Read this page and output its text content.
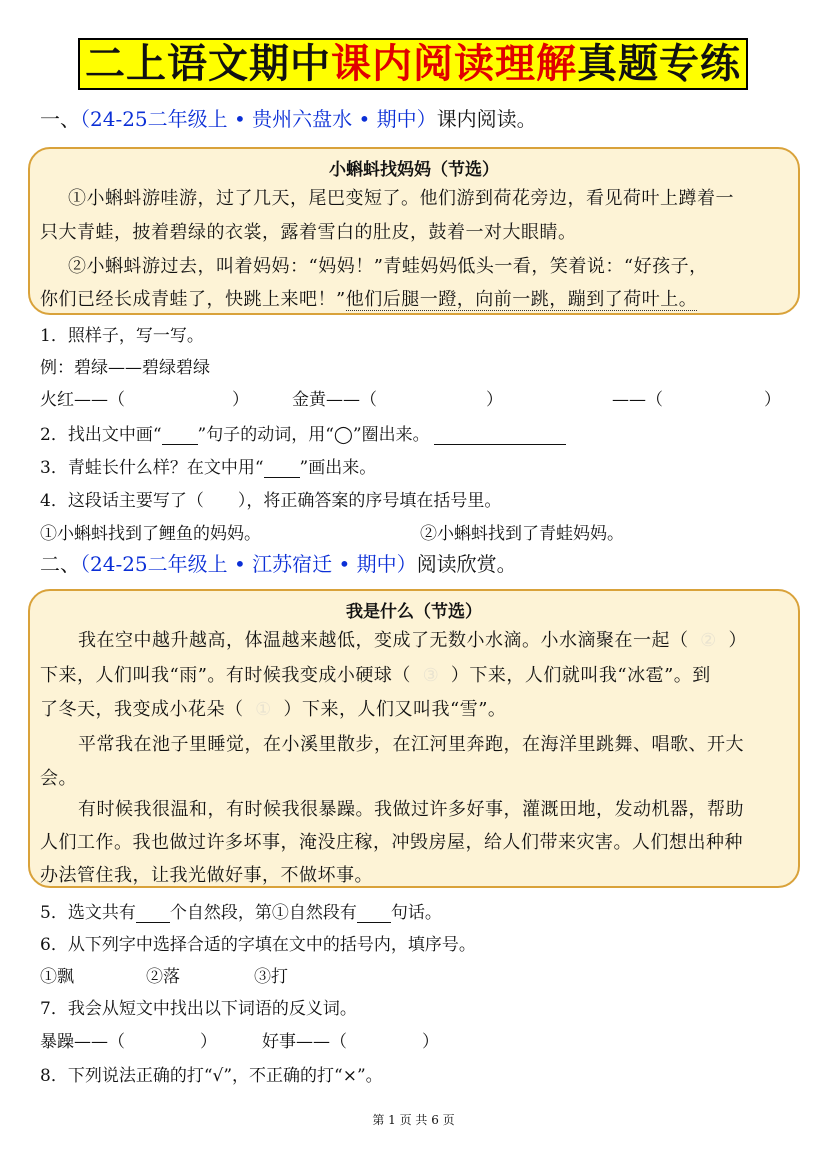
二上语文期中 课内阅读理解 真题专练
一、（24-25二年级上 • 贵州六盘水 • 期中）课内阅读。
小蝌蚪找妈妈（节选）
①小蝌蚪游哇游，过了几天，尾巴变短了。他们游到荷花旁边，看见荷叶上蹲着一
只大青蛙，披着碧绿的衣裳，露着雪白的肚皮，鼓着一对大眼睛。
②小蝌蚪游过去，叫着妈妈：“妈妈！”青蛙妈妈低头一看，笑着说：“好孩子，
你们已经长成青蛙了，快跳上来吧！”他们后腿一蹬，向前一跳，蹦到了荷叶上。
1．照样子，写一写。
例：碧绿——碧绿碧绿
火红——（	）	金黄——（	）	——（	）
2．找出文中画“ ”句子的动词，用“◯”圈出来。
3．青蛙长什么样？在文中用“ ”画出来。
4．这段话主要写了（　　），将正确答案的序号填在括号里。
①小蝌蚪找到了鲤鱼的妈妈。	②小蝌蚪找到了青蛙妈妈。
二、（24-25二年级上 • 江苏宿迁 • 期中）阅读欣赏。
我是什么（节选）
我在空中越升越高，体温越来越低，变成了无数小水滴。小水滴聚在一起（ ② ）
下来，人们叫我“雨”。有时候我变成小硬球（ ③ ）下来，人们就叫我“冰雹”。到
了冬天，我变成小花朵（ ① ）下来，人们又叫我“雪”。
平常我在池子里睡觉，在小溪里散步，在江河里奔跑，在海洋里跳舞、唱歌、开大
会。
有时候我很温和，有时候我很暴躁。我做过许多好事，灌溉田地，发动机器，帮助
人们工作。我也做过许多坏事，淹没庄稼，冲毁房屋，给人们带来灾害。人们想出种种
办法管住我，让我光做好事，不做坏事。
5．选文共有 个自然段，第①自然段有 句话。
6．从下列字中选择合适的字填在文中的括号内，填序号。
①飘	②落	③打
7．我会从短文中找出以下词语的反义词。
暴躁——（	）	好事——（	）
8．下列说法正确的打“√”，不正确的打“×”。
第 1 页 共 6 页
